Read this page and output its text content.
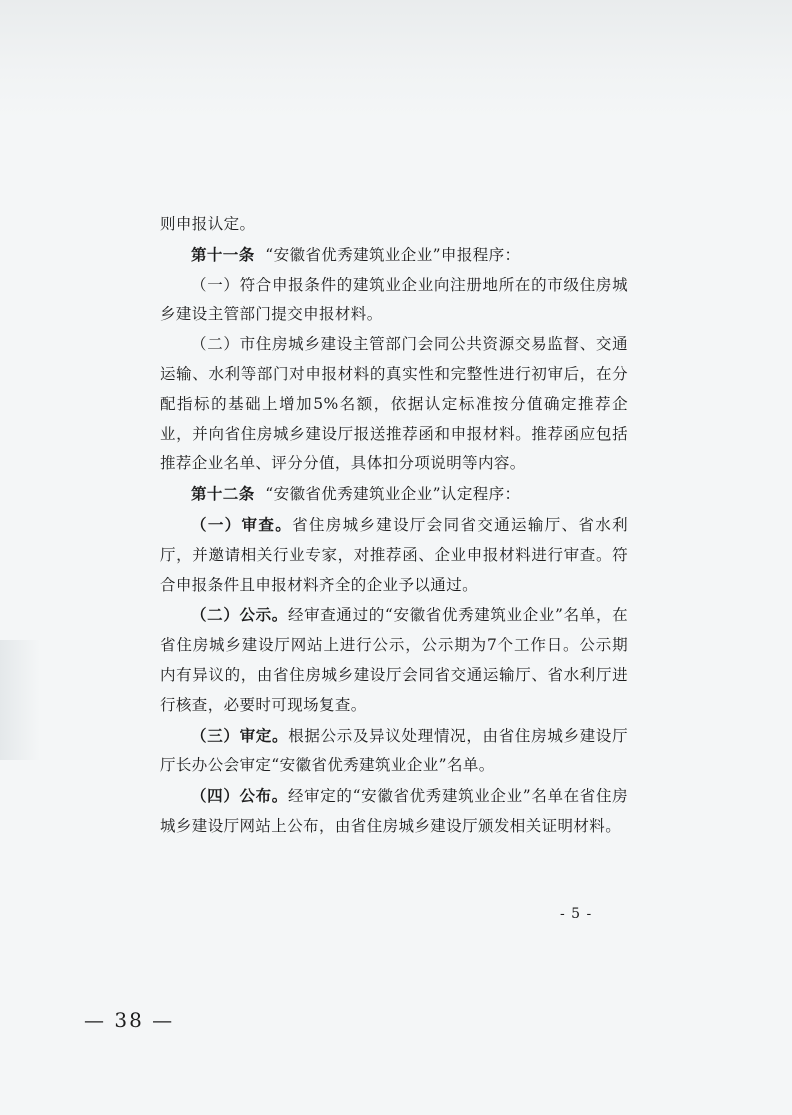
则申报认定。

第十一条 “安徽省优秀建筑业企业”申报程序：

（一）符合申报条件的建筑业企业向注册地所在的市级住房城乡建设主管部门提交申报材料。

（二）市住房城乡建设主管部门会同公共资源交易监督、交通运输、水利等部门对申报材料的真实性和完整性进行初审后，在分配指标的基础上增加5%名额，依据认定标准按分值确定推荐企业，并向省住房城乡建设厅报送推荐函和申报材料。推荐函应包括推荐企业名单、评分分值，具体扣分项说明等内容。

第十二条 “安徽省优秀建筑业企业”认定程序：

（一）审查。省住房城乡建设厅会同省交通运输厅、省水利厅，并邀请相关行业专家，对推荐函、企业申报材料进行审查。符合申报条件且申报材料齐全的企业予以通过。

（二）公示。经审查通过的“安徽省优秀建筑业企业”名单，在省住房城乡建设厅网站上进行公示，公示期为7个工作日。公示期内有异议的，由省住房城乡建设厅会同省交通运输厅、省水利厅进行核查，必要时可现场复查。

（三）审定。根据公示及异议处理情况，由省住房城乡建设厅厅长办公会审定“安徽省优秀建筑业企业”名单。

（四）公布。经审定的“安徽省优秀建筑业企业”名单在省住房城乡建设厅网站上公布，由省住房城乡建设厅颁发相关证明材料。

- 5 -
— 38 —
